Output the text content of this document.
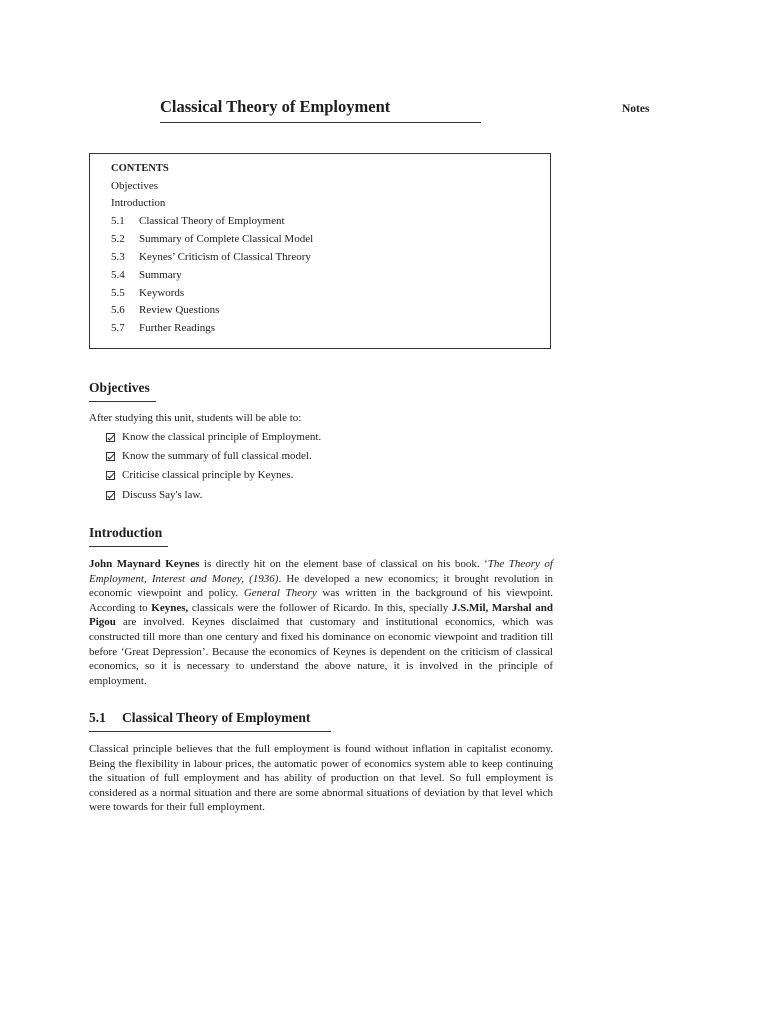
Classical Theory of Employment	Notes
CONTENTS
Objectives
Introduction
5.1 Classical Theory of Employment
5.2 Summary of Complete Classical Model
5.3 Keynes’ Criticism of Classical Threory
5.4 Summary
5.5 Keywords
5.6 Review Questions
5.7 Further Readings
Objectives
After studying this unit, students will be able to:
Know the classical principle of Employment.
Know the summary of full classical model.
Criticise classical principle by Keynes.
Discuss Say's law.
Introduction

John Maynard Keynes is directly hit on the element base of classical on his book. ‘The Theory of Employment, Interest and Money, (1936). He developed a new economics; it brought revolution in economic viewpoint and policy. General Theory was written in the background of his viewpoint. According to Keynes, classicals were the follower of Ricardo. In this, specially J.S.Mil, Marshal and Pigou are involved. Keynes disclaimed that customary and institutional economics, which was constructed till more than one century and fixed his dominance on economic viewpoint and tradition till before ‘Great Depression’. Because the economics of Keynes is dependent on the criticism of classical economics, so it is necessary to understand the above nature, it is involved in the principle of employment.

5.1 Classical Theory of Employment

Classical principle believes that the full employment is found without inflation in capitalist economy. Being the flexibility in labour prices, the automatic power of economics system able to keep continuing the situation of full employment and has ability of production on that level. So full employment is considered as a normal situation and there are some abnormal situations of deviation by that level which were towards for their full employment.
